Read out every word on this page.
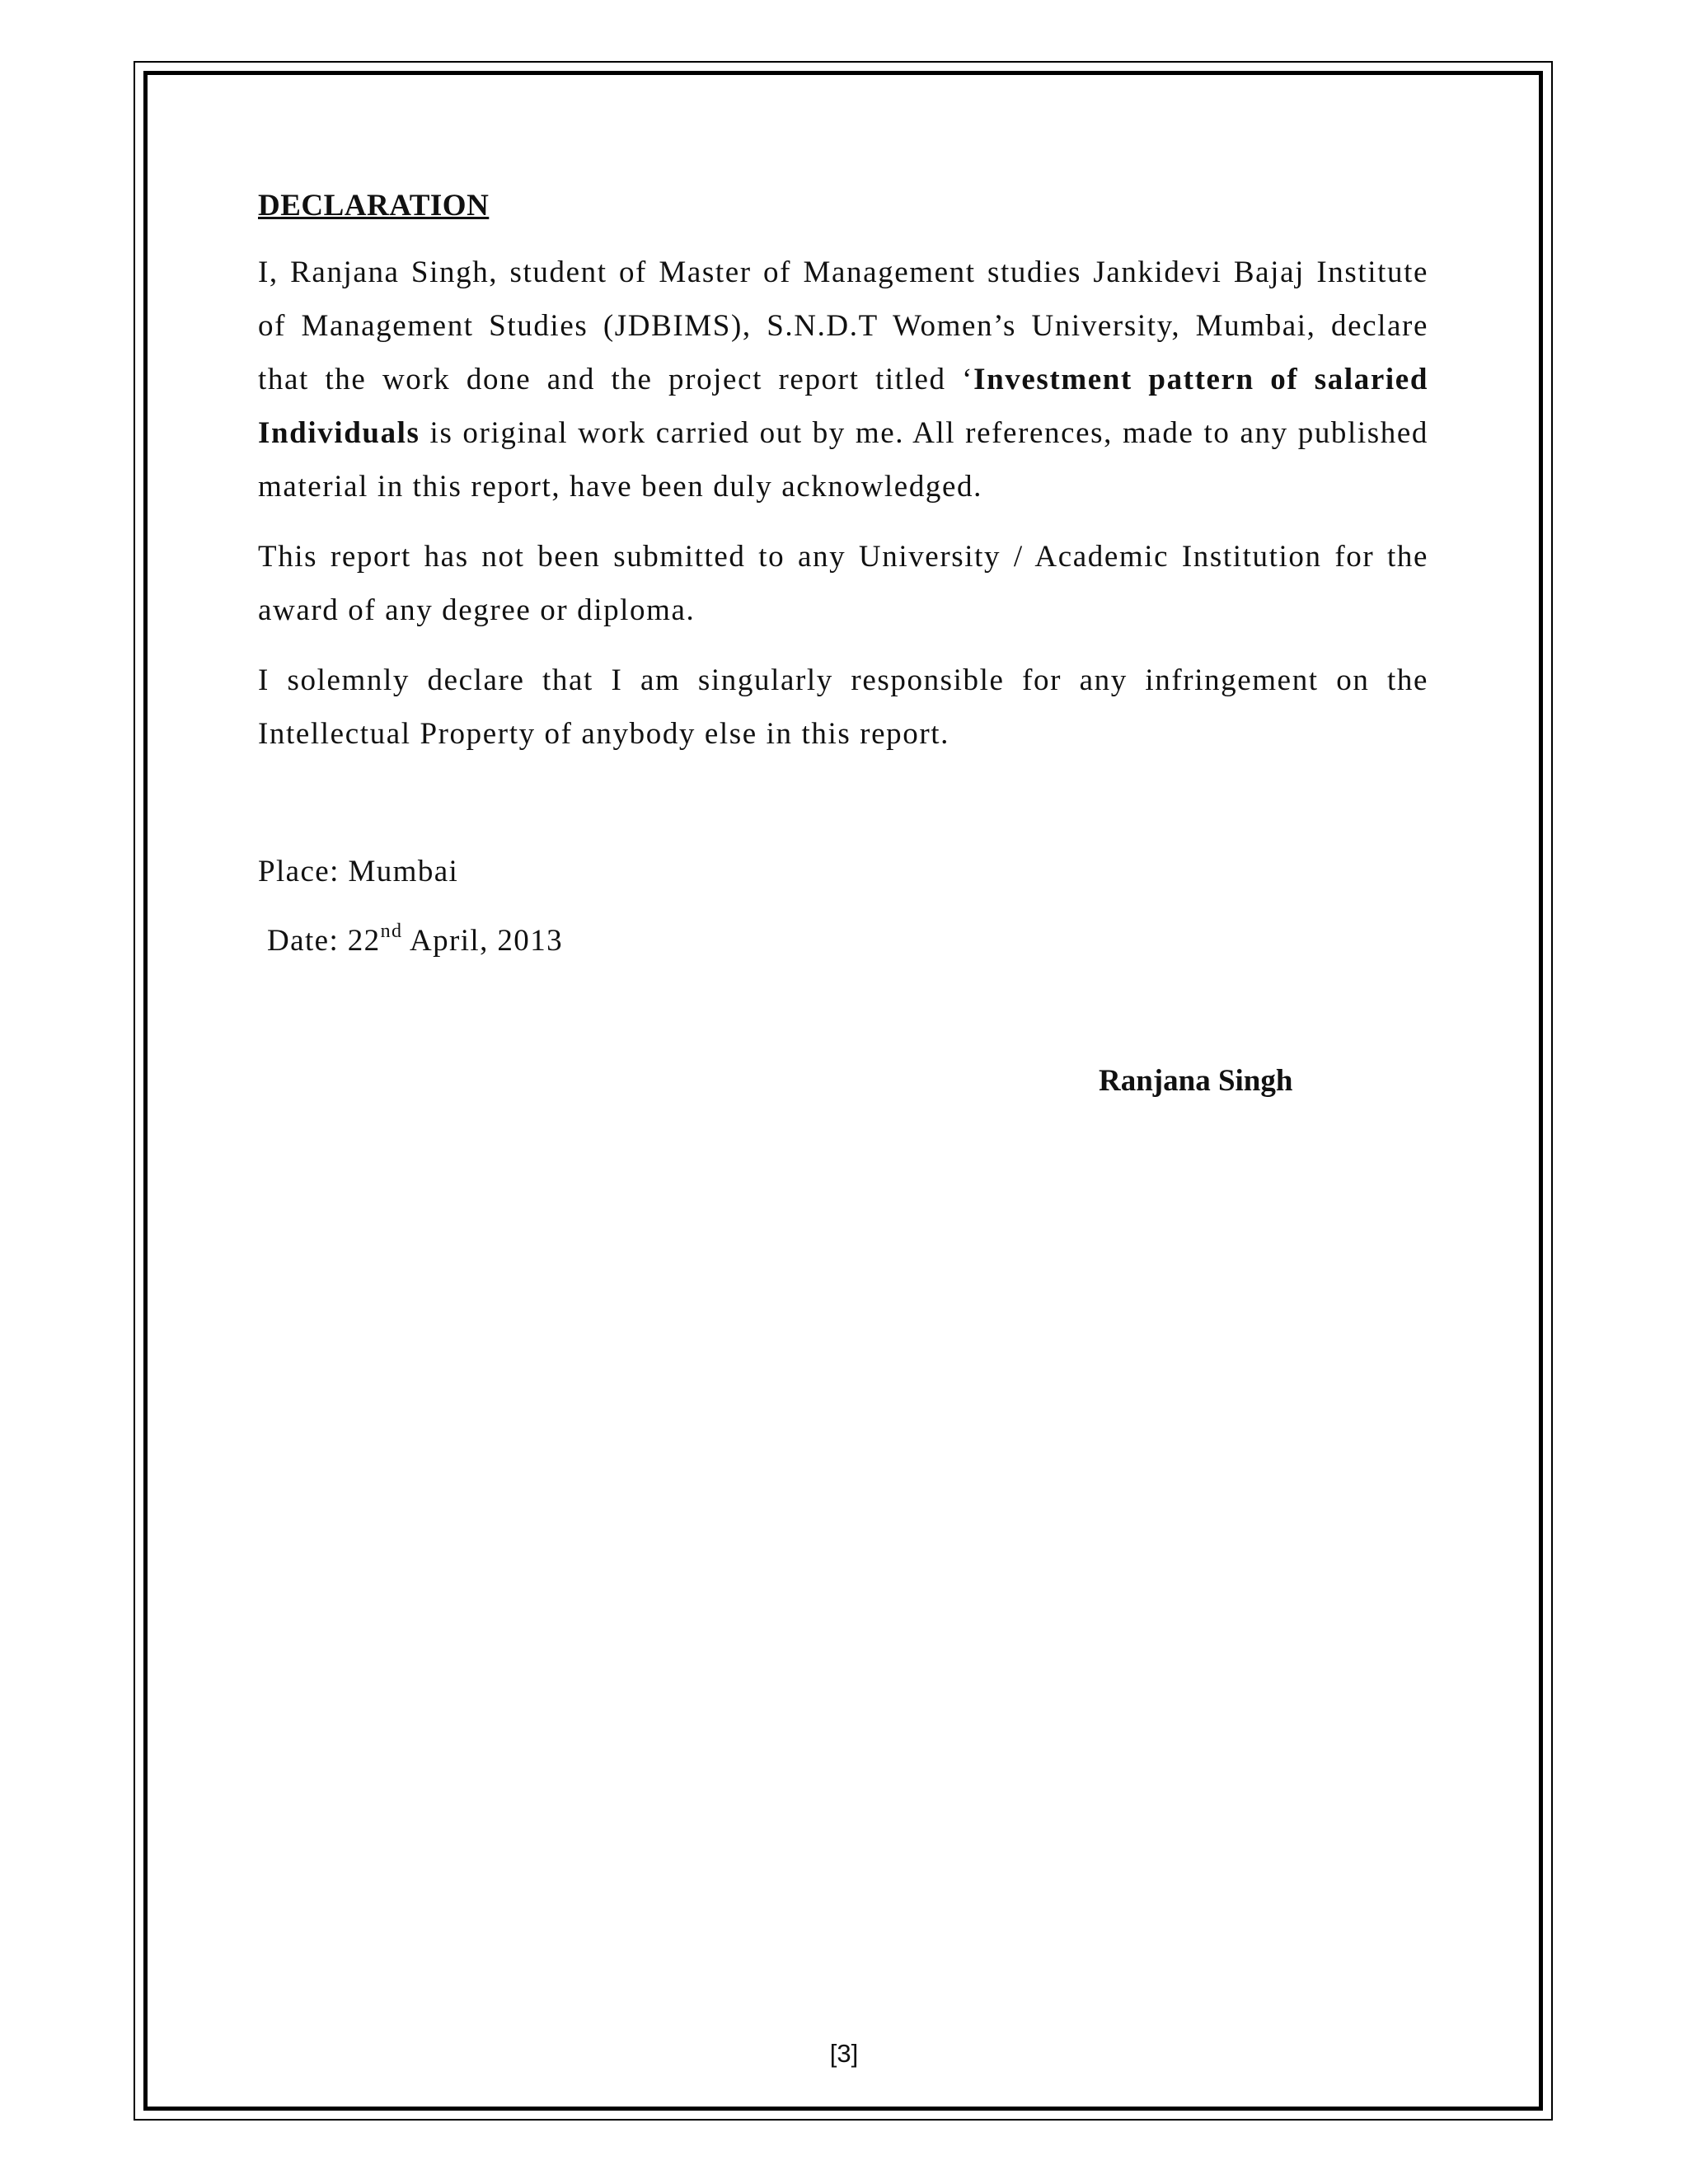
DECLARATION

I, Ranjana Singh, student of Master of Management studies Jankidevi Bajaj Institute of Management Studies (JDBIMS), S.N.D.T Women’s University, Mumbai, declare that the work done and the project report titled ‘Investment pattern of salaried Individuals is original work carried out by me. All references, made to any published material in this report, have been duly acknowledged.

This report has not been submitted to any University / Academic Institution for the award of any degree or diploma.

I solemnly declare that I am singularly responsible for any infringement on the Intellectual Property of anybody else in this report.

Place: Mumbai
Date: 22nd April, 2013
Ranjana Singh
[3]
